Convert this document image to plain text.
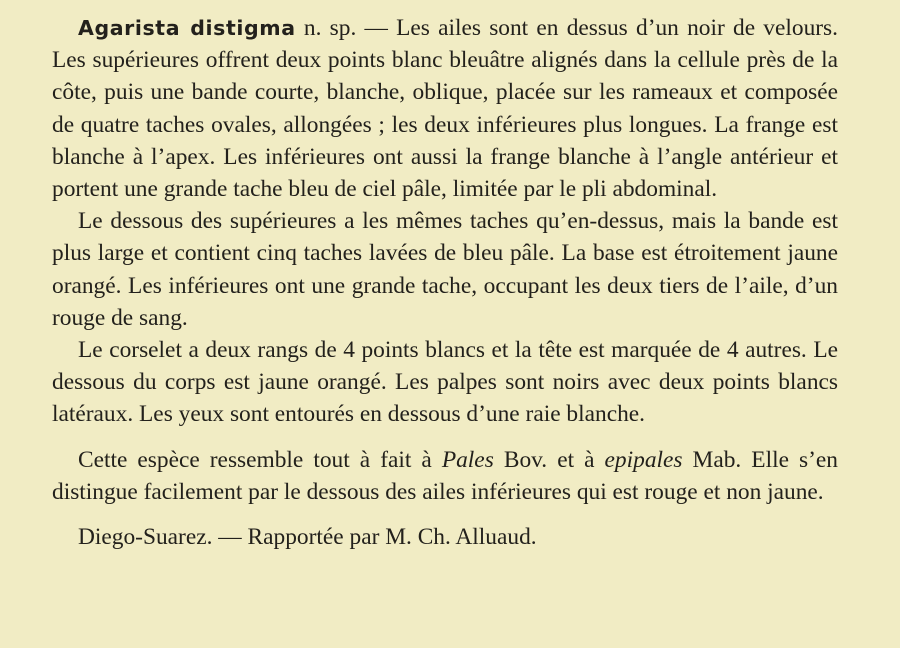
Agarista distigma n. sp. — Les ailes sont en dessus d’un noir de velours. Les supérieures offrent deux points blanc bleuâtre alignés dans la cellule près de la côte, puis une bande courte, blanche, oblique, placée sur les rameaux et composée de quatre taches ovales, allongées ; les deux inférieures plus longues. La frange est blanche à l’apex. Les inférieures ont aussi la frange blanche à l’angle antérieur et portent une grande tache bleu de ciel pâle, limitée par le pli abdominal.

Le dessous des supérieures a les mêmes taches qu’en-dessus, mais la bande est plus large et contient cinq taches lavées de bleu pâle. La base est étroitement jaune orangé. Les inférieures ont une grande tache, occupant les deux tiers de l’aile, d’un rouge de sang.

Le corselet a deux rangs de 4 points blancs et la tête est marquée de 4 autres. Le dessous du corps est jaune orangé. Les palpes sont noirs avec deux points blancs latéraux. Les yeux sont entourés en dessous d’une raie blanche.

Cette espèce ressemble tout à fait à Pales Bov. et à epipales Mab. Elle s’en distingue facilement par le dessous des ailes inférieures qui est rouge et non jaune.

Diego-Suarez. — Rapportée par M. Ch. Alluaud.
